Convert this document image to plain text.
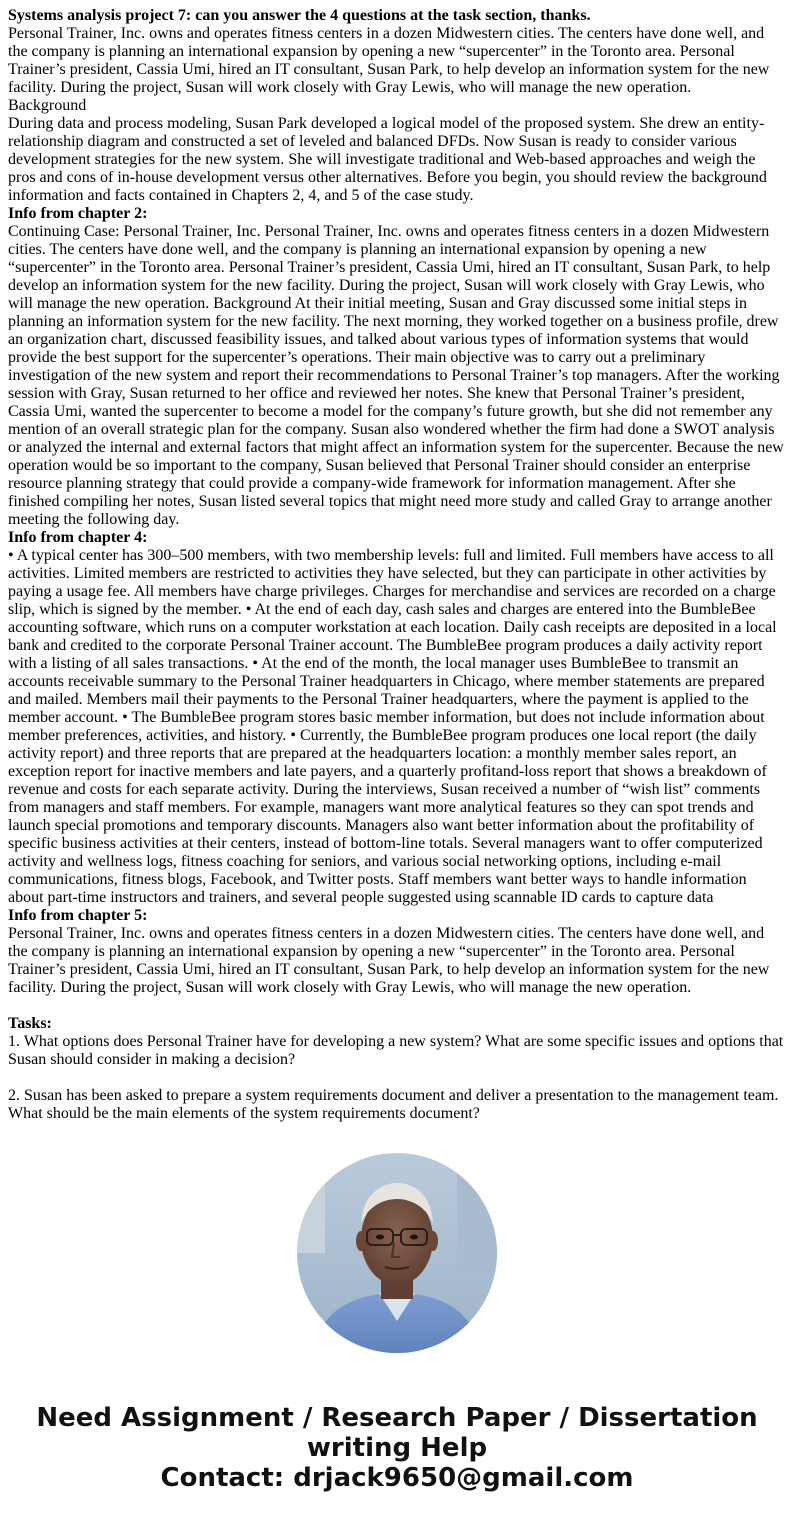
Systems analysis project 7: can you answer the 4 questions at the task section, thanks.

Personal Trainer, Inc. owns and operates fitness centers in a dozen Midwestern cities. The centers have done well, and the company is planning an international expansion by opening a new “supercenter” in the Toronto area. Personal Trainer’s president, Cassia Umi, hired an IT consultant, Susan Park, to help develop an information system for the new facility. During the project, Susan will work closely with Gray Lewis, who will manage the new operation.

Background

During data and process modeling, Susan Park developed a logical model of the proposed system. She drew an entity-relationship diagram and constructed a set of leveled and balanced DFDs. Now Susan is ready to consider various development strategies for the new system. She will investigate traditional and Web-based approaches and weigh the pros and cons of in-house development versus other alternatives. Before you begin, you should review the background information and facts contained in Chapters 2, 4, and 5 of the case study.

Info from chapter 2:

Continuing Case: Personal Trainer, Inc. Personal Trainer, Inc. owns and operates fitness centers in a dozen Midwestern cities. The centers have done well, and the company is planning an international expansion by opening a new “supercenter” in the Toronto area. Personal Trainer’s president, Cassia Umi, hired an IT consultant, Susan Park, to help develop an information system for the new facility. During the project, Susan will work closely with Gray Lewis, who will manage the new operation. Background At their initial meeting, Susan and Gray discussed some initial steps in planning an information system for the new facility. The next morning, they worked together on a business profile, drew an organization chart, discussed feasibility issues, and talked about various types of information systems that would provide the best support for the supercenter’s operations. Their main objective was to carry out a preliminary investigation of the new system and report their recommendations to Personal Trainer’s top managers. After the working session with Gray, Susan returned to her office and reviewed her notes. She knew that Personal Trainer’s president, Cassia Umi, wanted the supercenter to become a model for the company’s future growth, but she did not remember any mention of an overall strategic plan for the company. Susan also wondered whether the firm had done a SWOT analysis or analyzed the internal and external factors that might affect an information system for the supercenter. Because the new operation would be so important to the company, Susan believed that Personal Trainer should consider an enterprise resource planning strategy that could provide a company-wide framework for information management. After she finished compiling her notes, Susan listed several topics that might need more study and called Gray to arrange another meeting the following day.

Info from chapter 4:

• A typical center has 300–500 members, with two membership levels: full and limited. Full members have access to all activities. Limited members are restricted to activities they have selected, but they can participate in other activities by paying a usage fee. All members have charge privileges. Charges for merchandise and services are recorded on a charge slip, which is signed by the member. • At the end of each day, cash sales and charges are entered into the BumbleBee accounting software, which runs on a computer workstation at each location. Daily cash receipts are deposited in a local bank and credited to the corporate Personal Trainer account. The BumbleBee program produces a daily activity report with a listing of all sales transactions. • At the end of the month, the local manager uses BumbleBee to transmit an accounts receivable summary to the Personal Trainer headquarters in Chicago, where member statements are prepared and mailed. Members mail their payments to the Personal Trainer headquarters, where the payment is applied to the member account. • The BumbleBee program stores basic member information, but does not include information about member preferences, activities, and history. • Currently, the BumbleBee program produces one local report (the daily activity report) and three reports that are prepared at the headquarters location: a monthly member sales report, an exception report for inactive members and late payers, and a quarterly profitand-loss report that shows a breakdown of revenue and costs for each separate activity. During the interviews, Susan received a number of “wish list” comments from managers and staff members. For example, managers want more analytical features so they can spot trends and launch special promotions and temporary discounts. Managers also want better information about the profitability of specific business activities at their centers, instead of bottom-line totals. Several managers want to offer computerized activity and wellness logs, fitness coaching for seniors, and various social networking options, including e-mail communications, fitness blogs, Facebook, and Twitter posts. Staff members want better ways to handle information about part-time instructors and trainers, and several people suggested using scannable ID cards to capture data

Info from chapter 5:

Personal Trainer, Inc. owns and operates fitness centers in a dozen Midwestern cities. The centers have done well, and the company is planning an international expansion by opening a new “supercenter” in the Toronto area. Personal Trainer’s president, Cassia Umi, hired an IT consultant, Susan Park, to help develop an information system for the new facility. During the project, Susan will work closely with Gray Lewis, who will manage the new operation.

Tasks:

1. What options does Personal Trainer have for developing a new system? What are some specific issues and options that Susan should consider in making a decision?

2. Susan has been asked to prepare a system requirements document and deliver a presentation to the management team. What should be the main elements of the system requirements document?

Need Assignment / Research Paper / Dissertation

writing Help

Contact: drjack9650@gmail.com
